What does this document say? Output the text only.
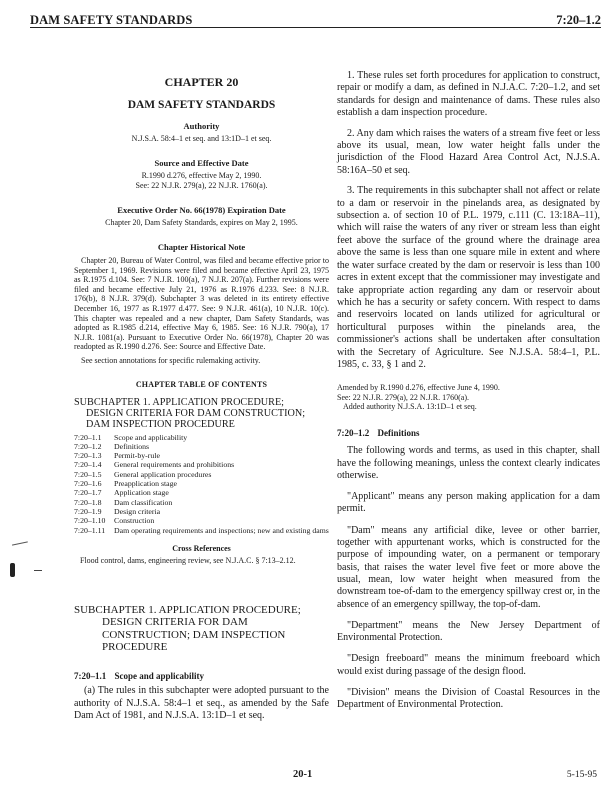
DAM SAFETY STANDARDS	7:20–1.2
CHAPTER 20
DAM SAFETY STANDARDS
Authority
N.J.S.A. 58:4–1 et seq. and 13:1D–1 et seq.
Source and Effective Date
R.1990 d.276, effective May 2, 1990.
See: 22 N.J.R. 279(a), 22 N.J.R. 1760(a).
Executive Order No. 66(1978) Expiration Date
Chapter 20, Dam Safety Standards, expires on May 2, 1995.
Chapter Historical Note
Chapter 20, Bureau of Water Control, was filed and became effective prior to September 1, 1969. Revisions were filed and became effective April 23, 1975 as R.1975 d.104. See: 7 N.J.R. 100(a), 7 N.J.R. 207(a). Further revisions were filed and became effective July 21, 1976 as R.1976 d.233. See: 8 N.J.R. 176(b), 8 N.J.R. 379(d). Subchapter 3 was deleted in its entirety effective December 16, 1977 as R.1977 d.477. See: 9 N.J.R. 461(a), 10 N.J.R. 10(c). This chapter was repealed and a new chapter, Dam Safety Standards, was adopted as R.1985 d.214, effective May 6, 1985. See: 16 N.J.R. 790(a), 17 N.J.R. 1081(a). Pursuant to Executive Order No. 66(1978), Chapter 20 was readopted as R.1990 d.276. See: Source and Effective Date.
See section annotations for specific rulemaking activity.
CHAPTER TABLE OF CONTENTS
SUBCHAPTER 1. APPLICATION PROCEDURE;
DESIGN CRITERIA FOR DAM CONSTRUCTION;
DAM INSPECTION PROCEDURE
7:20–1.1	Scope and applicability
7:20–1.2	Definitions
7:20–1.3	Permit-by-rule
7:20–1.4	General requirements and prohibitions
7:20–1.5	General application procedures
7:20–1.6	Preapplication stage
7:20–1.7	Application stage
7:20–1.8	Dam classification
7:20–1.9	Design criteria
7:20–1.10	Construction
7:20–1.11	Dam operating requirements and inspections; new and existing dams
Cross References
Flood control, dams, engineering review, see N.J.A.C. § 7:13–2.12.
SUBCHAPTER 1. APPLICATION PROCEDURE;
DESIGN CRITERIA FOR DAM
CONSTRUCTION; DAM INSPECTION
PROCEDURE
7:20–1.1 Scope and applicability
(a) The rules in this subchapter were adopted pursuant to the authority of N.J.S.A. 58:4–1 et seq., as amended by the Safe Dam Act of 1981, and N.J.S.A. 13:1D–1 et seq.
1. These rules set forth procedures for application to construct, repair or modify a dam, as defined in N.J.A.C. 7:20–1.2, and set standards for design and maintenance of dams. These rules also establish a dam inspection procedure.
2. Any dam which raises the waters of a stream five feet or less above its usual, mean, low water height falls under the jurisdiction of the Flood Hazard Area Control Act, N.J.S.A. 58:16A–50 et seq.
3. The requirements in this subchapter shall not affect or relate to a dam or reservoir in the pinelands area, as designated by subsection a. of section 10 of P.L. 1979, c.111 (C. 13:18A–11), which will raise the waters of any river or stream less than eight feet above the surface of the ground where the drainage area above the same is less than one square mile in extent and where the water surface created by the dam or reservoir is less than 100 acres in extent except that the commissioner may investigate and take appropriate action regarding any dam or reservoir about which he has a security or safety concern. With respect to dams and reservoirs located on lands utilized for agricultural or horticultural purposes within the pinelands area, the commissioner's actions shall be undertaken after consultation with the Secretary of Agriculture. See N.J.S.A. 58:4–1, P.L. 1985, c. 33, § 1 and 2.
Amended by R.1990 d.276, effective June 4, 1990.
See: 22 N.J.R. 279(a), 22 N.J.R. 1760(a).
Added authority N.J.S.A. 13:1D–1 et seq.
7:20–1.2 Definitions
The following words and terms, as used in this chapter, shall have the following meanings, unless the context clearly indicates otherwise.
"Applicant" means any person making application for a dam permit.
"Dam" means any artificial dike, levee or other barrier, together with appurtenant works, which is constructed for the purpose of impounding water, on a permanent or temporary basis, that raises the water level five feet or more above the usual, mean, low water height when measured from the downstream toe-of-dam to the emergency spillway crest or, in the absence of an emergency spillway, the top-of-dam.
"Department" means the New Jersey Department of Environmental Protection.
"Design freeboard" means the minimum freeboard which would exist during passage of the design flood.
"Division" means the Division of Coastal Resources in the Department of Environmental Protection.
20-1	5-15-95
